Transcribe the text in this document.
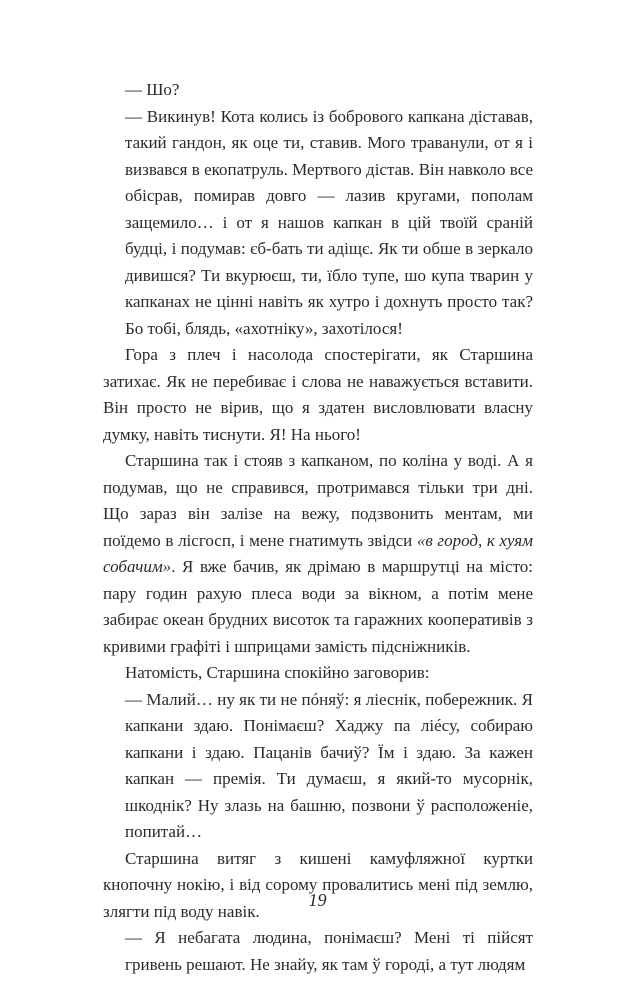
— Шо?

— Викинув! Кота колись із бобрового капкана діставав, такий гандон, як оце ти, ставив. Мого траванули, от я і визвався в екопатруль. Мертвого дістав. Він навколо все обісрав, помирав довго — лазив кругами, пополам защемило… і от я нашов капкан в цій твоїй сраній будці, і подумав: єб-бать ти адіщє. Як ти обше в зеркало дивишся? Ти вкуpюєш, ти, їбло тупе, шо купа тварин у капканах не цінні навіть як хутро і дохнуть просто так? Бо тобі, блядь, «ахотніку», захотілося!

Гора з плеч і насолода спостерігати, як Старшина затихає. Як не перебиває і слова не наважується вставити. Він просто не вірив, що я здатен висловлювати власну думку, навіть тиснути. Я! На нього!

Старшина так і стояв з капканом, по коліна у воді. А я подумав, що не справився, протримався тільки три дні. Що зараз він залізе на вежу, подзвонить ментам, ми поїдемо в лісгосп, і мене гнатимуть звідси «в город, к хуям собачим». Я вже бачив, як дрімаю в маршрутці на місто: пару годин рахую плеса води за вікном, а потім мене забирає океан брудних висоток та гаражних кооперативів з кривими графіті і шприцами замість підсніжників.

Натомість, Старшина спокійно заговорив:

— Малий… ну як ти не пóняў: я ліеснік, побережник. Я капкани здаю. Понімаєш? Хаджу па ліéсу, собираю капкани і здаю. Пацанів бачиў? Їм і здаю. За кажен капкан — премія. Ти думаєш, я який-то мусорнік, шкоднік? Ну злазь на башню, позвони ў расположеніе, попитай…

Старшина витяг з кишені камуфляжної куртки кнопочну нокію, і від сорому провалитись мені під землю, злягти під воду навік.

— Я небагата людина, понімаєш? Мені ті пійсят гривень решают. Не знайу, як там ў городі, а тут людям

19
